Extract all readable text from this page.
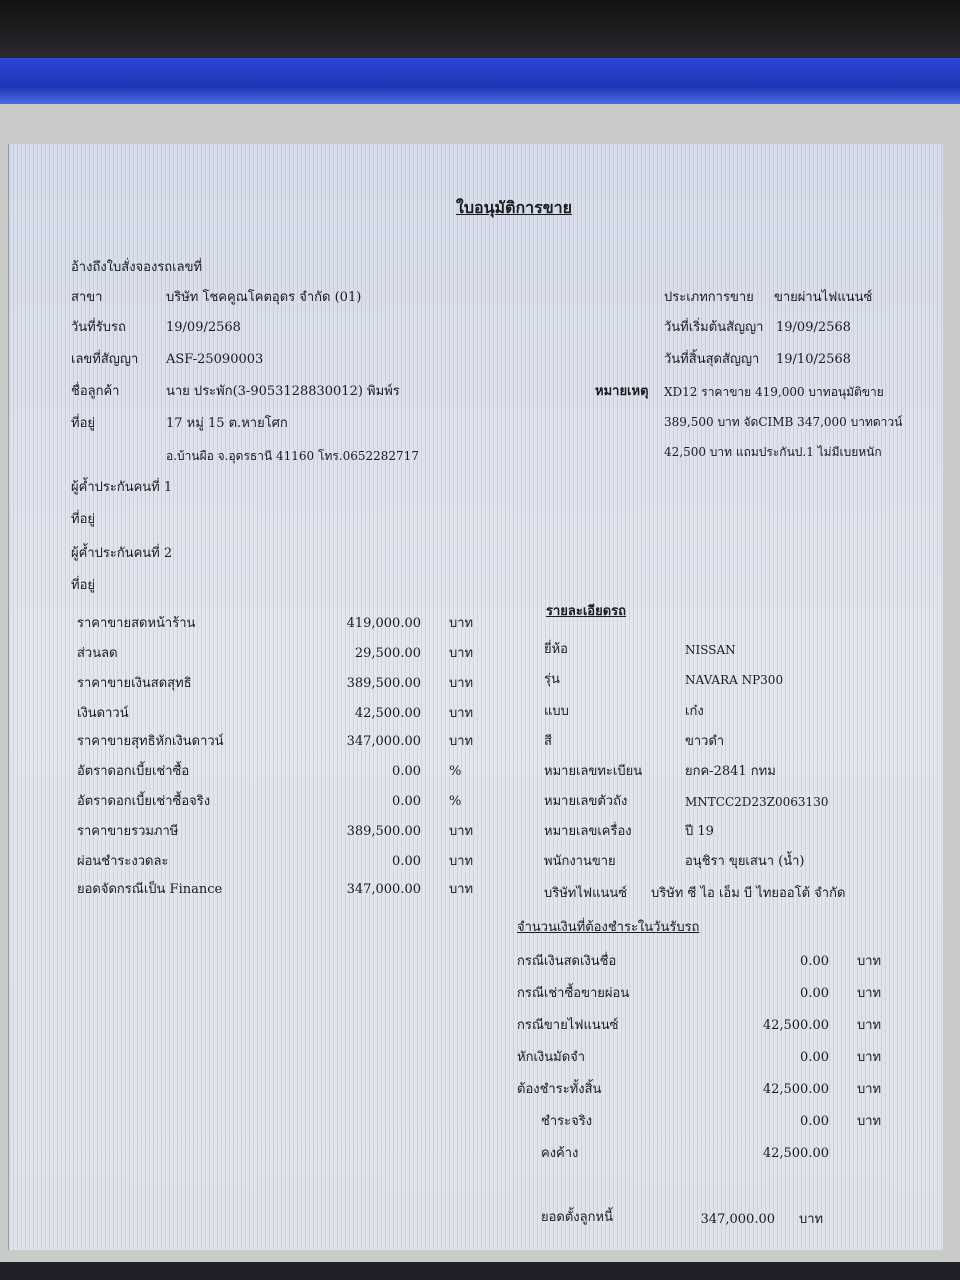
ใบอนุมัติการขาย
อ้างถึงใบสั่งจองรถเลขที่
สาขา	บริษัท โชคคูณโคตอุดร จำกัด (01)
วันที่รับรถ	19/09/2568
เลขที่สัญญา ASF-25090003
ชื่อลูกค้า	นาย ประพัก(3-9053128830012) พิมพ์ร
ที่อยู่	17 หมู่ 15 ต.หายโศก
อ.บ้านผือ จ.อุดรธานี 41160 โทร.0652282717
ผู้ค้ำประกันคนที่ 1
ที่อยู่
ผู้ค้ำประกันคนที่ 2
ที่อยู่
ประเภทการขาย ขายผ่านไฟแนนซ์
วันที่เริ่มต้นสัญญา 19/09/2568
วันที่สิ้นสุดสัญญา 19/10/2568
หมายเหตุ XD12 ราคาขาย 419,000 บาทอนุมัติขาย
389,500 บาท จัดCIMB 347,000 บาทดาวน์
42,500 บาท แถมประกันป.1 ไม่มีเบยหนัก
ราคาขายสดหน้าร้าน	419,000.00 บาท
ส่วนลด	29,500.00 บาท
ราคาขายเงินสดสุทธิ	389,500.00 บาท
เงินดาวน์	42,500.00 บาท
ราคาขายสุทธิหักเงินดาวน์	347,000.00 บาท
อัตราดอกเบี้ยเช่าซื้อ	0.00 %
อัตราดอกเบี้ยเช่าซื้อจริง	0.00 %
ราคาขายรวมภาษี	389,500.00 บาท
ผ่อนชำระงวดละ	0.00 บาท
ยอดจัดกรณีเป็น Finance	347,000.00 บาท
รายละเอียดรถ
ยี่ห้อ	NISSAN
รุ่น	NAVARA NP300
แบบ	เก๋ง
สี	ขาวดำ
หมายเลขทะเบียน	ยกค-2841 กทม
หมายเลขตัวถัง	MNTCC2D23Z0063130
หมายเลขเครื่อง	ปี 19
พนักงานขาย	อนุชิรา ขุยเสนา (น้ำ)
บริษัทไฟแนนซ์ บริษัท ซี ไอ เอ็ม บี ไทยออโต้ จำกัด
จำนวนเงินที่ต้องชำระในวันรับรถ
กรณีเงินสดเงินชื่อ	0.00 บาท
กรณีเช่าซื้อขายผ่อน	0.00 บาท
กรณีขายไฟแนนซ์	42,500.00 บาท
หักเงินมัดจำ	0.00 บาท
ต้องชำระทั้งสิ้น	42,500.00 บาท
ชำระจริง	0.00 บาท
คงค้าง	42,500.00
ยอดตั้งลูกหนี้	347,000.00 บาท
